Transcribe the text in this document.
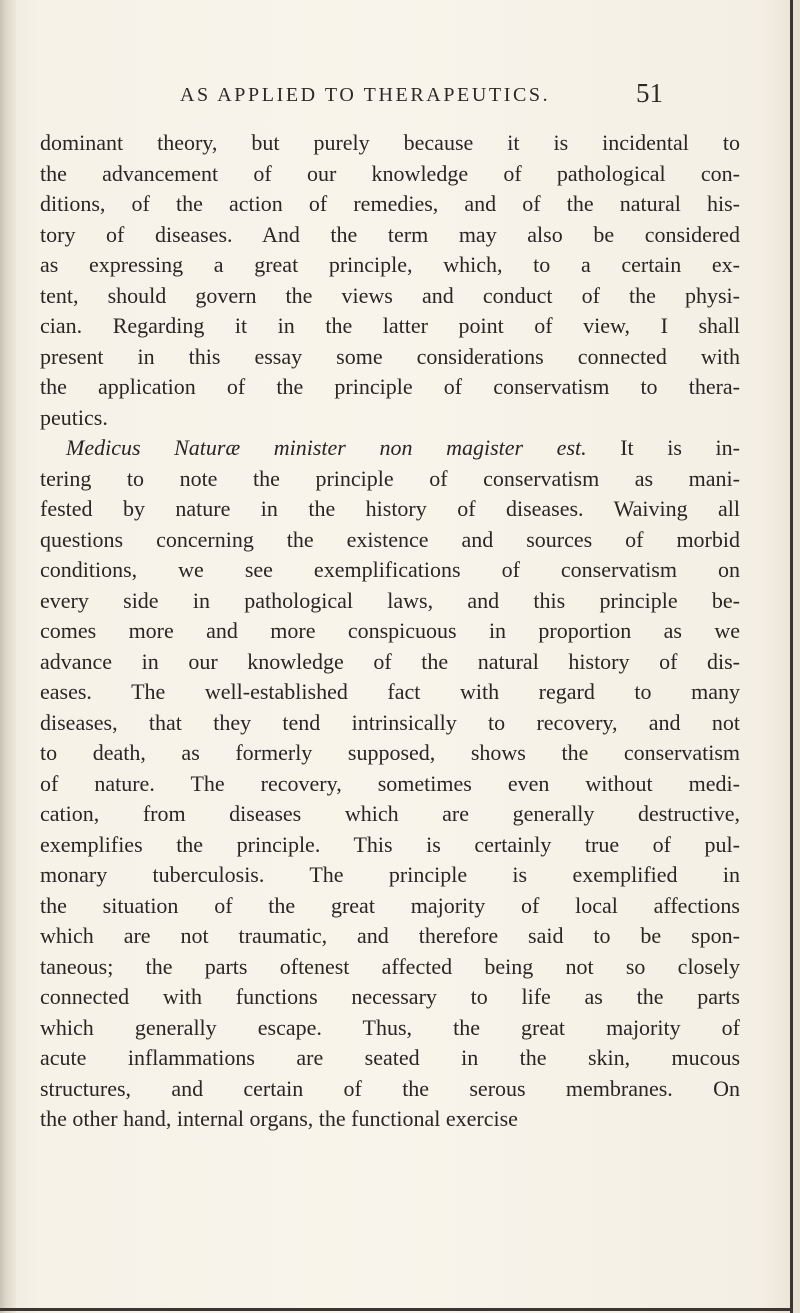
AS APPLIED TO THERAPEUTICS.	51
dominant theory, but purely because it is incidental to
the advancement of our knowledge of pathological con-
ditions, of the action of remedies, and of the natural his-
tory of diseases. And the term may also be considered
as expressing a great principle, which, to a certain ex-
tent, should govern the views and conduct of the physi-
cian. Regarding it in the latter point of view, I shall
present in this essay some considerations connected with
the application of the principle of conservatism to thera-
peutics.
Medicus Naturæ minister non magister est. It is in-
tering to note the principle of conservatism as mani-
fested by nature in the history of diseases. Waiving all
questions concerning the existence and sources of morbid
conditions, we see exemplifications of conservatism on
every side in pathological laws, and this principle be-
comes more and more conspicuous in proportion as we
advance in our knowledge of the natural history of dis-
eases. The well-established fact with regard to many
diseases, that they tend intrinsically to recovery, and not
to death, as formerly supposed, shows the conservatism
of nature. The recovery, sometimes even without medi-
cation, from diseases which are generally destructive,
exemplifies the principle. This is certainly true of pul-
monary tuberculosis. The principle is exemplified in
the situation of the great majority of local affections
which are not traumatic, and therefore said to be spon-
taneous; the parts oftenest affected being not so closely
connected with functions necessary to life as the parts
which generally escape. Thus, the great majority of
acute inflammations are seated in the skin, mucous
structures, and certain of the serous membranes. On
the other hand, internal organs, the functional exercise
